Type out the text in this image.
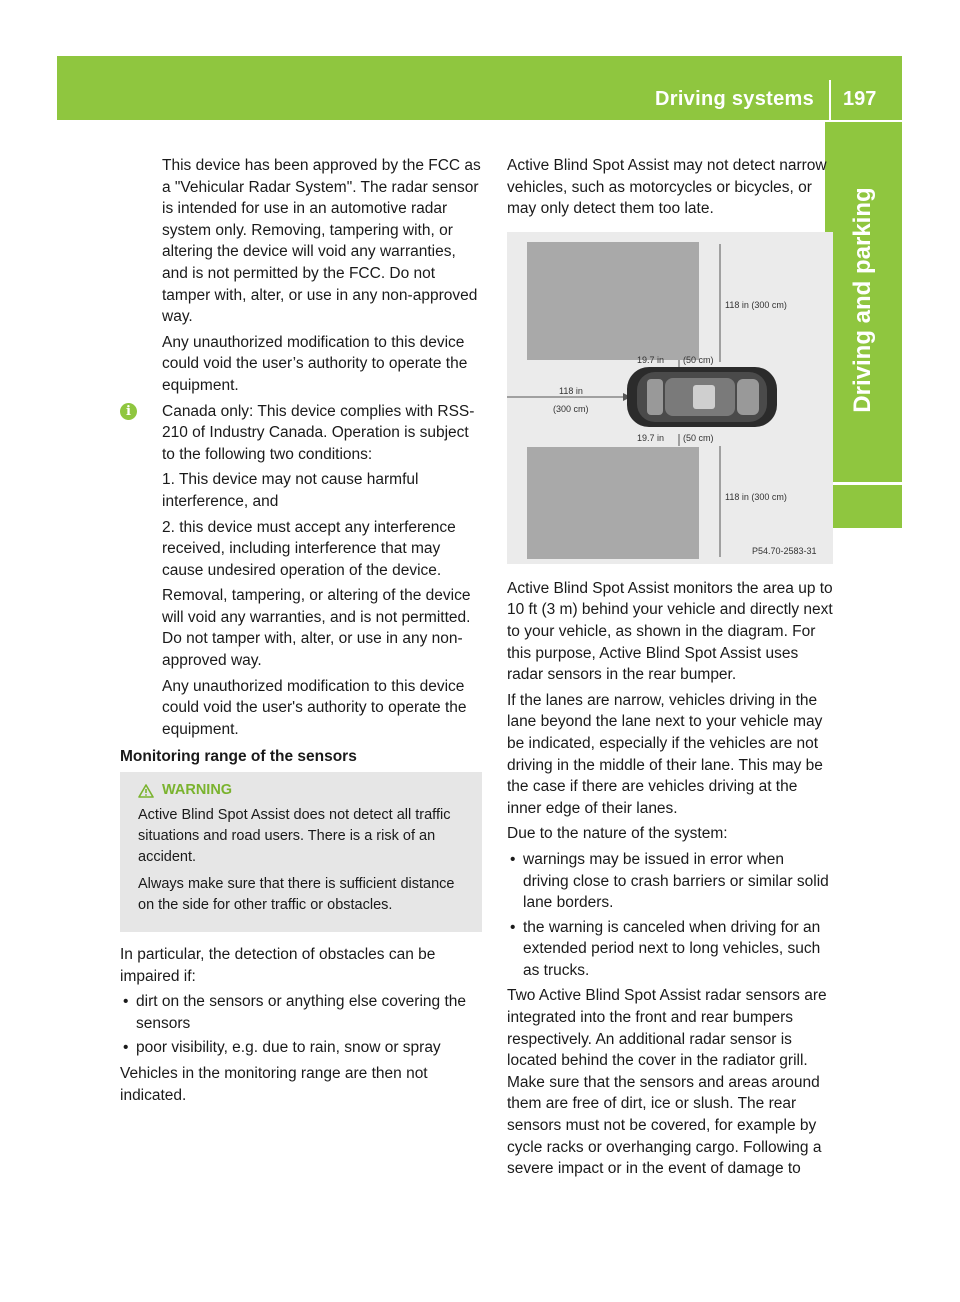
Driving systems 197
Driving and parking

This device has been approved by the FCC as a "Vehicular Radar System". The radar sensor is intended for use in an automotive radar system only. Removing, tampering with, or altering the device will void any warranties, and is not permitted by the FCC. Do not tamper with, alter, or use in any non-approved way.

Any unauthorized modification to this device could void the user’s authority to operate the equipment.

i	Canada only: This device complies with RSS-210 of Industry Canada. Operation is subject to the following two conditions:

1. This device may not cause harmful interference, and

2. this device must accept any interference received, including interference that may cause undesired operation of the device.

Removal, tampering, or altering of the device will void any warranties, and is not permitted. Do not tamper with, alter, or use in any non-approved way.

Any unauthorized modification to this device could void the user's authority to operate the equipment.

Monitoring range of the sensors

WARNING

Active Blind Spot Assist does not detect all traffic situations and road users. There is a risk of an accident.

Always make sure that there is sufficient distance on the side for other traffic or obstacles.

In particular, the detection of obstacles can be impaired if:

• dirt on the sensors or anything else covering the sensors
• poor visibility, e.g. due to rain, snow or spray

Vehicles in the monitoring range are then not indicated.

Active Blind Spot Assist may not detect narrow vehicles, such as motorcycles or bicycles, or may only detect them too late.

118 in (300 cm)
19.7 in (50 cm)
118 in
(300 cm)
19.7 in (50 cm)
118 in (300 cm)
P54.70-2583-31

Active Blind Spot Assist monitors the area up to 10 ft (3 m) behind your vehicle and directly next to your vehicle, as shown in the diagram. For this purpose, Active Blind Spot Assist uses radar sensors in the rear bumper.

If the lanes are narrow, vehicles driving in the lane beyond the lane next to your vehicle may be indicated, especially if the vehicles are not driving in the middle of their lane. This may be the case if there are vehicles driving at the inner edge of their lanes.

Due to the nature of the system:

• warnings may be issued in error when driving close to crash barriers or similar solid lane borders.
• the warning is canceled when driving for an extended period next to long vehicles, such as trucks.

Two Active Blind Spot Assist radar sensors are integrated into the front and rear bumpers respectively. An additional radar sensor is located behind the cover in the radiator grill. Make sure that the sensors and areas around them are free of dirt, ice or slush. The rear sensors must not be covered, for example by cycle racks or overhanging cargo. Following a severe impact or in the event of damage to
